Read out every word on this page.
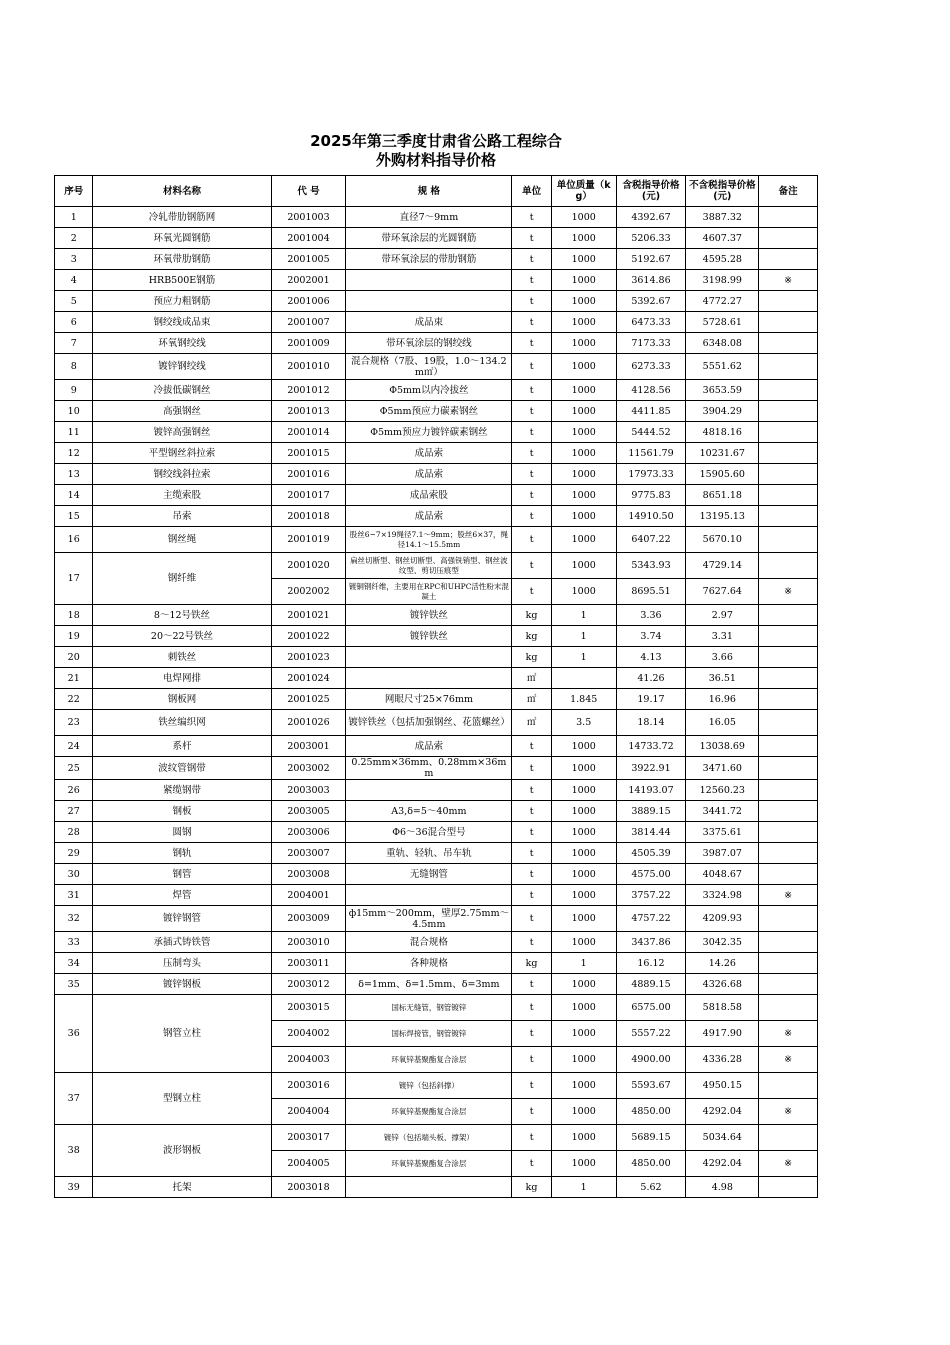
2025年第三季度甘肃省公路工程综合
外购材料指导价格
序号	材料名称	代 号	规 格	单位	单位质量（kg）	含税指导价格(元)	不含税指导价格(元)	备注
1	冷轧带肋钢筋网	2001003	直径7～9mm	t	1000	4392.67	3887.32	
2	环氧光圆钢筋	2001004	带环氧涂层的光圆钢筋	t	1000	5206.33	4607.37	
3	环氧带肋钢筋	2001005	带环氧涂层的带肋钢筋	t	1000	5192.67	4595.28	
4	HRB500E钢筋	2002001		t	1000	3614.86	3198.99	※
5	预应力粗钢筋	2001006		t	1000	5392.67	4772.27	
6	钢绞线成品束	2001007	成品束	t	1000	6473.33	5728.61	
7	环氧钢绞线	2001009	带环氧涂层的钢绞线	t	1000	7173.33	6348.08	
8	镀锌钢绞线	2001010	混合规格（7股、19股，1.0～134.2m㎡）	t	1000	6273.33	5551.62	
9	冷拔低碳钢丝	2001012	Φ5mm以内冷拔丝	t	1000	4128.56	3653.59	
10	高强钢丝	2001013	Φ5mm预应力碳素钢丝	t	1000	4411.85	3904.29	
11	镀锌高强钢丝	2001014	Φ5mm预应力镀锌碳素钢丝	t	1000	5444.52	4818.16	
12	平型钢丝斜拉索	2001015	成品索	t	1000	11561.79	10231.67	
13	钢绞线斜拉索	2001016	成品索	t	1000	17973.33	15905.60	
14	主缆索股	2001017	成品索股	t	1000	9775.83	8651.18	
15	吊索	2001018	成品索	t	1000	14910.50	13195.13	
16	钢丝绳	2001019	股丝6~7×19绳径7.1～9mm；股丝6×37，绳径14.1～15.5mm	t	1000	6407.22	5670.10	
17	钢纤维	2001020	扁丝切断型、钢丝切断型、高强铣销型、钢丝波纹型、剪切压痕型	t	1000	5343.93	4729.14	
		2002002	镀铜钢纤维，主要用在RPC和UHPC活性粉末混凝土	t	1000	8695.51	7627.64	※
18	8～12号铁丝	2001021	镀锌铁丝	kg	1	3.36	2.97	
19	20～22号铁丝	2001022	镀锌铁丝	kg	1	3.74	3.31	
20	刺铁丝	2001023		kg	1	4.13	3.66	
21	电焊网排	2001024		㎡		41.26	36.51	
22	钢板网	2001025	网眼尺寸25×76mm	㎡	1.845	19.17	16.96	
23	铁丝编织网	2001026	镀锌铁丝（包括加强钢丝、花篮螺丝）	㎡	3.5	18.14	16.05	
24	系杆	2003001	成品索	t	1000	14733.72	13038.69	
25	波纹管钢带	2003002	0.25mm×36mm、0.28mm×36mm	t	1000	3922.91	3471.60	
26	紧缆钢带	2003003		t	1000	14193.07	12560.23	
27	钢板	2003005	A3,δ=5～40mm	t	1000	3889.15	3441.72	
28	圆钢	2003006	Φ6～36混合型号	t	1000	3814.44	3375.61	
29	钢轨	2003007	重轨、轻轨、吊车轨	t	1000	4505.39	3987.07	
30	钢管	2003008	无缝钢管	t	1000	4575.00	4048.67	
31	焊管	2004001		t	1000	3757.22	3324.98	※
32	镀锌钢管	2003009	ф15mm～200mm，壁厚2.75mm～4.5mm	t	1000	4757.22	4209.93	
33	承插式铸铁管	2003010	混合规格	t	1000	3437.86	3042.35	
34	压制弯头	2003011	各种规格	kg	1	16.12	14.26	
35	镀锌钢板	2003012	δ=1mm、δ=1.5mm、δ=3mm	t	1000	4889.15	4326.68	
36	钢管立柱	2003015	国标无缝管，钢管镀锌	t	1000	6575.00	5818.58	
		2004002	国标焊接管，钢管镀锌	t	1000	5557.22	4917.90	※
		2004003	环氧锌基聚酯复合涂层	t	1000	4900.00	4336.28	※
37	型钢立柱	2003016	镀锌（包括斜撑）	t	1000	5593.67	4950.15	
		2004004	环氧锌基聚酯复合涂层	t	1000	4850.00	4292.04	※
38	波形钢板	2003017	镀锌（包括端头板、撑架）	t	1000	5689.15	5034.64	
		2004005	环氧锌基聚酯复合涂层	t	1000	4850.00	4292.04	※
39	托架	2003018		kg	1	5.62	4.98	
